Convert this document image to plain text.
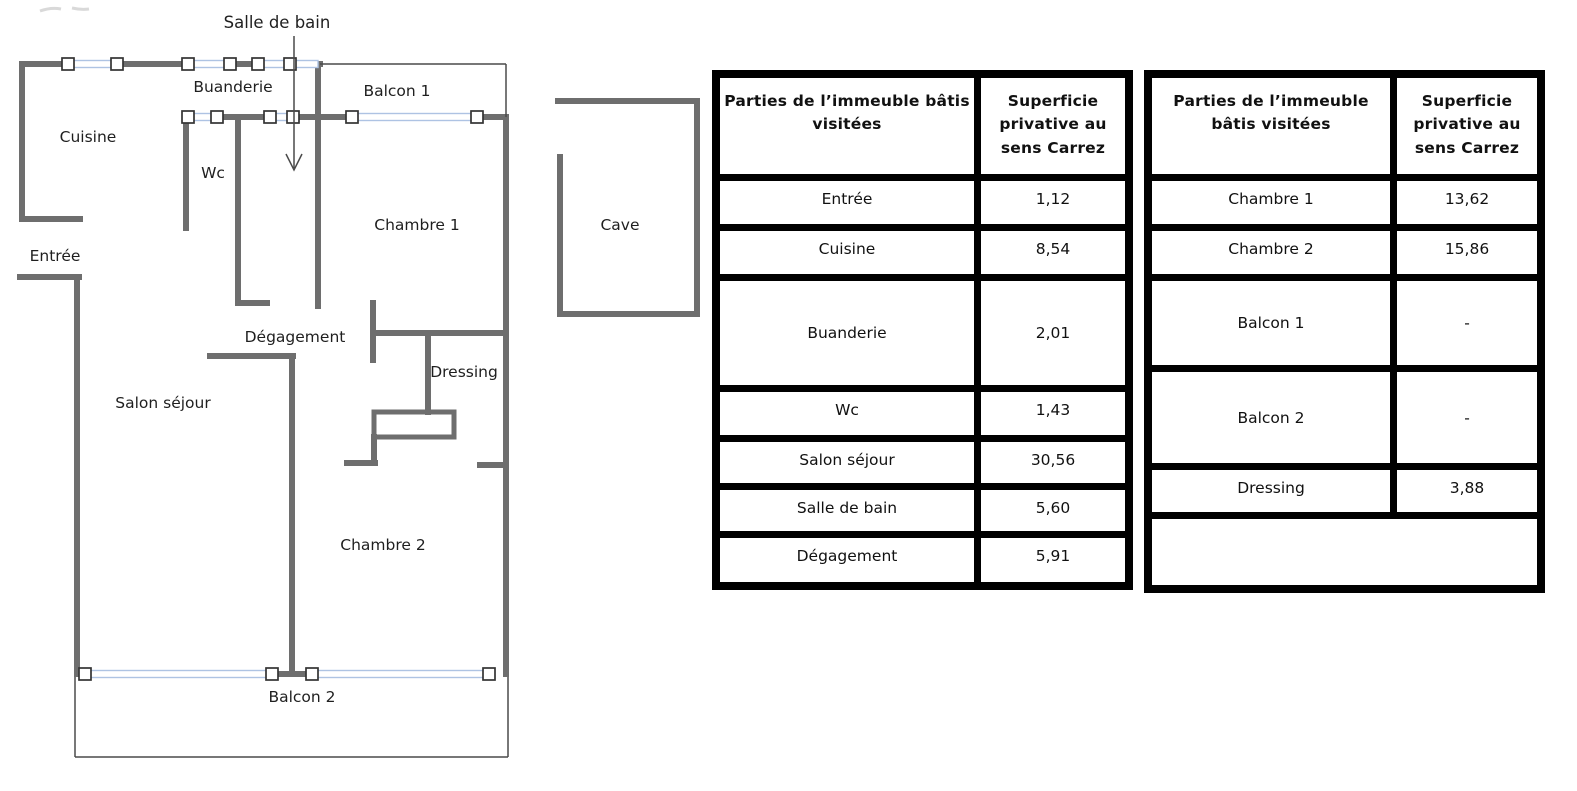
Salle de bain
Buanderie	Balcon 1
Cuisine
Wc
Chambre 1	Cave
Entrée
Dégagement
Dressing
Salon séjour
Chambre 2
Balcon 2
Parties de l’immeuble bâtis visitées	Superficie privative au sens Carrez
Entrée	1,12
Cuisine	8,54
Buanderie	2,01
Wc	1,43
Salon séjour	30,56
Salle de bain	5,60
Dégagement	5,91
Parties de l’immeuble bâtis visitées	Superficie privative au sens Carrez
Chambre 1	13,62
Chambre 2	15,86
Balcon 1	-
Balcon 2	-
Dressing	3,88
